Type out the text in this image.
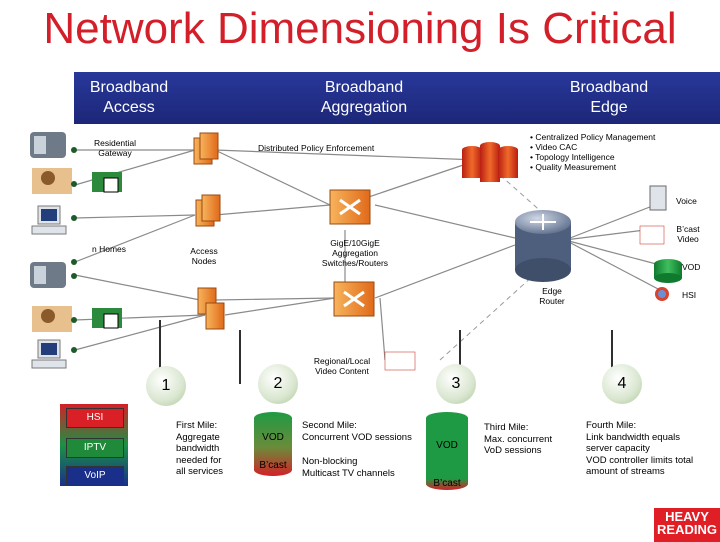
Network Dimensioning Is Critical
Broadband
Access
Broadband
Aggregation
Broadband
Edge
Residential
Gateway	Distributed Policy Enforcement
• Centralized Policy Management
• Video CAC
• Topology Intelligence
• Quality Measurement
Voice
n Homes	Access
Nodes
GigE/10GigE
Aggregation
Switches/Routers
B’cast
Video
VOD
Edge
Router
HSI
Regional/Local
Video Content
1	2	3	4
HSI
IPTV
VoIP
First Mile:
Aggregate
bandwidth
needed for
all services
Second Mile:
Concurrent VOD sessions
Non-blocking
Multicast TV channels
Third Mile:
Max. concurrent
VoD sessions
Fourth Mile:
Link bandwidth equals
server capacity
VOD controller limits total
amount of streams
VOD
B’cast
VOD
B’cast
HEAVY
READING
